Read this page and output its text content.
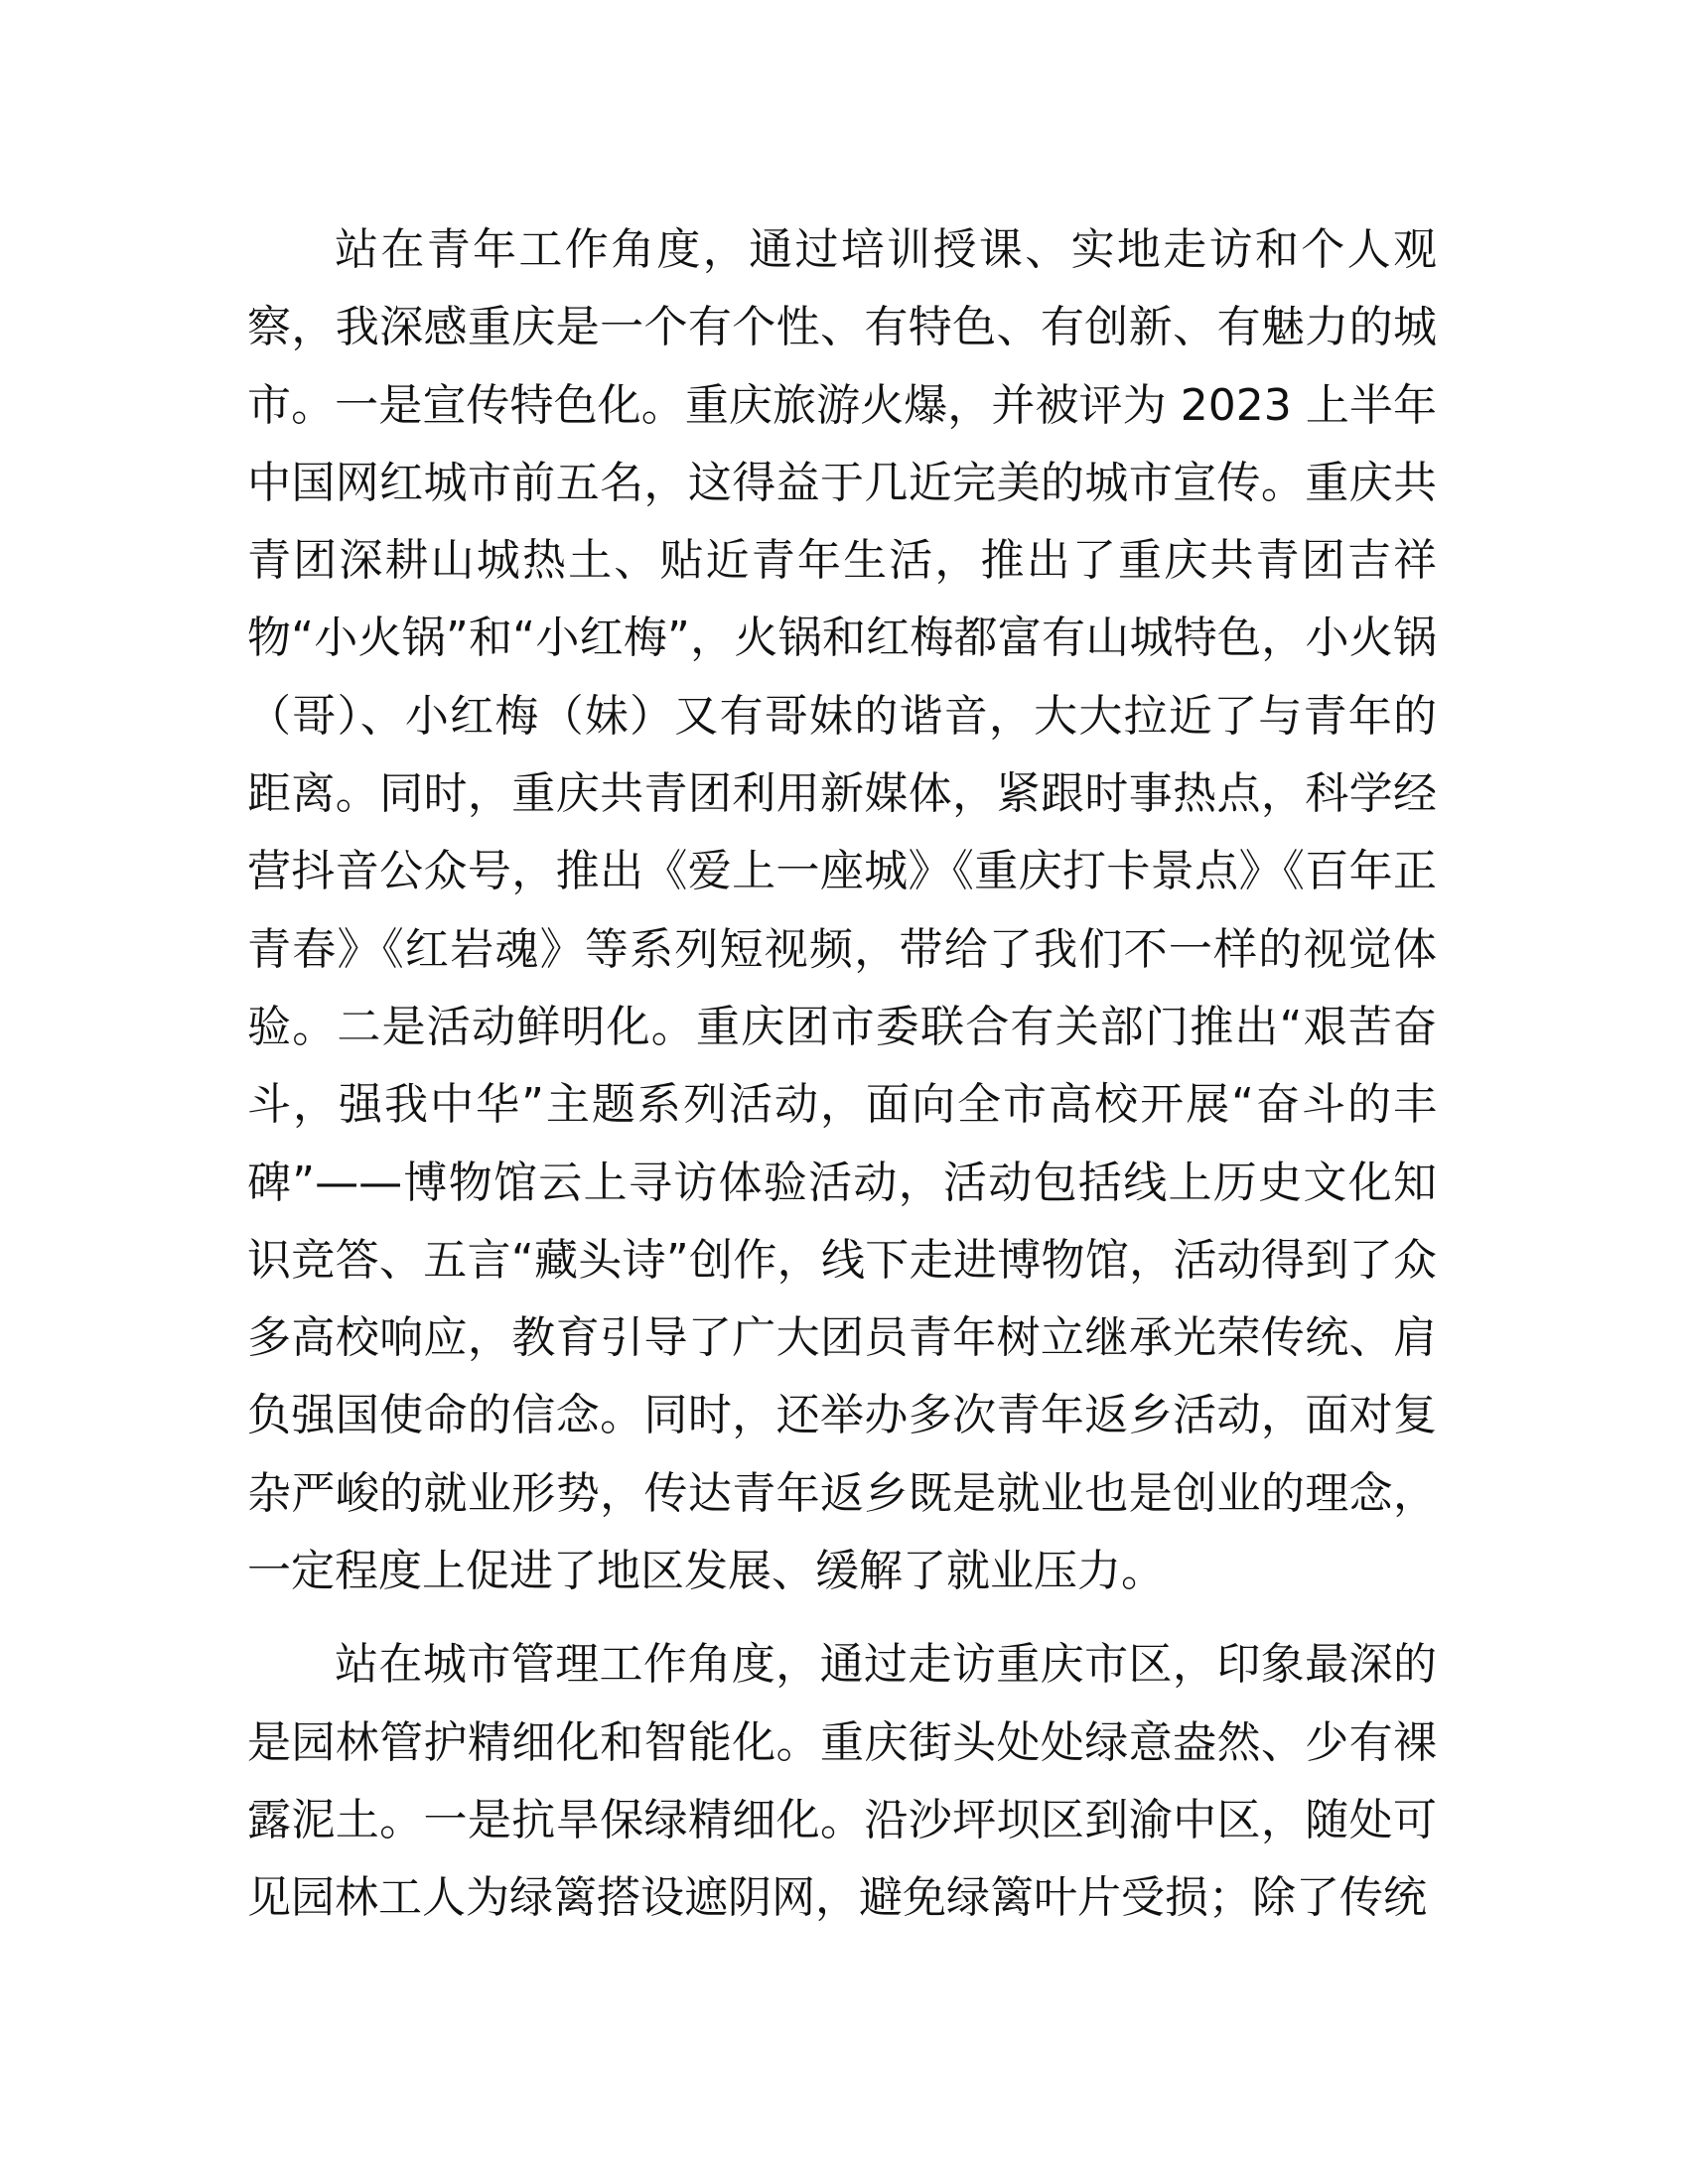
站在青年工作角度，通过培训授课、实地走访和个人观察，我深感重庆是一个有个性、有特色、有创新、有魅力的城市。一是宣传特色化。重庆旅游火爆，并被评为 2023 上半年中国网红城市前五名，这得益于几近完美的城市宣传。重庆共青团深耕山城热土、贴近青年生活，推出了重庆共青团吉祥物“小火锅”和“小红梅”，火锅和红梅都富有山城特色，小火锅（哥）、小红梅（妹）又有哥妹的谐音，大大拉近了与青年的距离。同时，重庆共青团利用新媒体，紧跟时事热点，科学经营抖音公众号，推出《爱上一座城》《重庆打卡景点》《百年正青春》《红岩魂》等系列短视频，带给了我们不一样的视觉体验。二是活动鲜明化。重庆团市委联合有关部门推出“艰苦奋斗，强我中华”主题系列活动，面向全市高校开展“奋斗的丰碑”——博物馆云上寻访体验活动，活动包括线上历史文化知识竞答、五言“藏头诗”创作，线下走进博物馆，活动得到了众多高校响应，教育引导了广大团员青年树立继承光荣传统、肩负强国使命的信念。同时，还举办多次青年返乡活动，面对复杂严峻的就业形势，传达青年返乡既是就业也是创业的理念，一定程度上促进了地区发展、缓解了就业压力。

站在城市管理工作角度，通过走访重庆市区，印象最深的是园林管护精细化和智能化。重庆街头处处绿意盎然、少有裸露泥土。一是抗旱保绿精细化。沿沙坪坝区到渝中区，随处可见园林工人为绿篱搭设遮阴网，避免绿篱叶片受损；除了传统
